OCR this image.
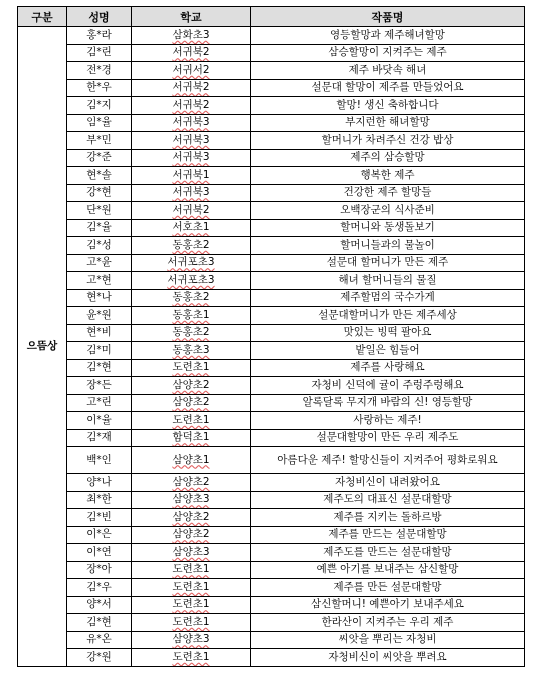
구분	성명	학교	작품명
으뜸상	홍*라	삼화초3	영등할망과 제주해녀할망
	김*린	서귀북2	삼승할망이 지켜주는 제주
	전*경	서귀서2	제주 바닷속 해녀
	한*우	서귀북2	설문대 할망이 제주를 만들었어요
	김*지	서귀북2	할망! 생신 축하합니다
	임*율	서귀북3	부지런한 해녀할망
	부*민	서귀북3	할머니가 차려주신 건강 밥상
	강*준	서귀북3	제주의 삼승할망
	현*솔	서귀북1	행복한 제주
	강*현	서귀북3	건강한 제주 할망들
	단*원	서귀북2	오백장군의 식사준비
	김*율	서호초1	할머니와 동생돌보기
	김*성	동홍초2	할머니들과의 물놀이
	고*윤	서귀포초3	설문대 할머니가 만든 제주
	고*현	서귀포초3	해녀 할머니들의 물질
	현*나	동홍초2	제주할멈의 국수가게
	윤*원	동홍초1	설문대할머니가 만든 제주세상
	현*비	동홍초2	맛있는 빙떡 팔아요
	김*미	동홍초3	밭일은 힘들어
	김*현	도련초1	제주를 사랑해요
	장*든	삼양초2	자청비 신덕에 귤이 주렁주렁해요
	고*린	삼양초2	알록달록 무지개 바람의 신! 영등할망
	이*율	도련초1	사랑하는 제주!
	김*재	함덕초1	설문대할망이 만든 우리 제주도
	백*인	삼양초1	아름다운 제주! 할망신들이 지켜주어 평화로워요
	양*나	삼양초2	자청비신이 내려왔어요
	최*한	삼양초3	제주도의 대표신 설문대할망
	김*빈	삼양초2	제주를 지키는 돌하르방
	이*은	삼양초2	제주를 만드는 설문대할망
	이*연	삼양초3	제주도를 만드는 설문대할망
	장*아	도련초1	예쁜 아기를 보내주는 삼신할망
	김*우	도련초1	제주를 만든 설문대할망
	양*서	도련초1	삼신할머니! 예쁜아기 보내주세요
	김*현	도련초1	한라산이 지켜주는 우리 제주
	유*온	삼양초3	씨앗을 뿌리는 자청비
	강*원	도련초1	자청비신이 씨앗을 뿌려요
